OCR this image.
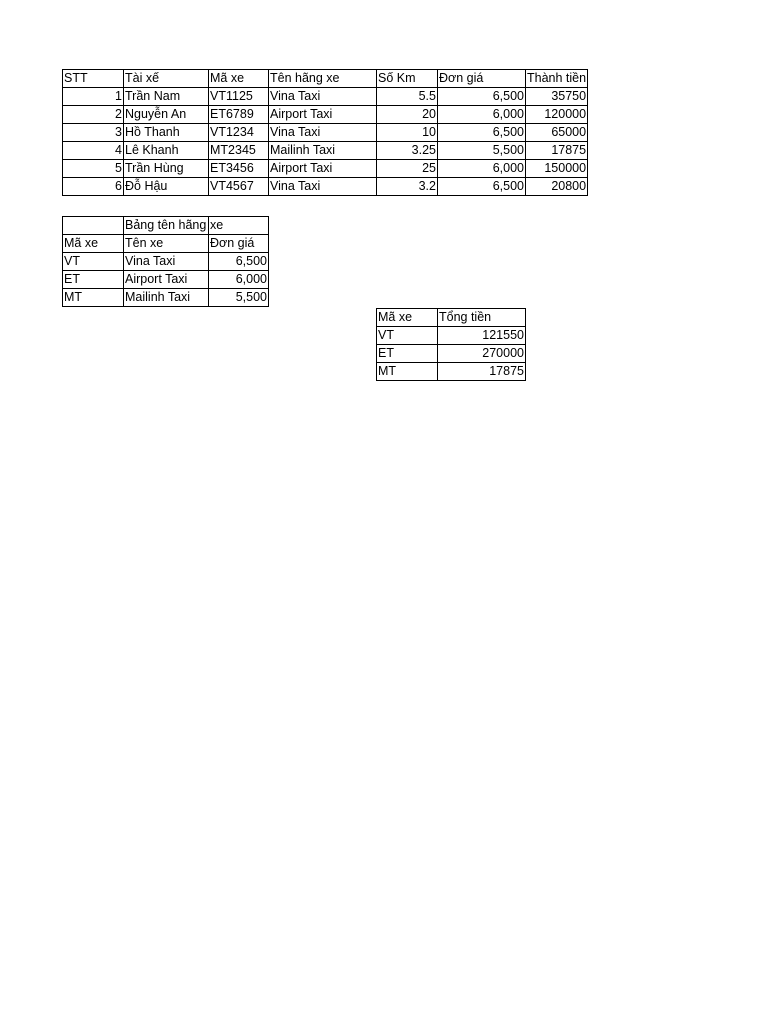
STT	Tài xế	Mã xe	Tên hãng xe	Số Km	Đơn giá	Thành tiền
1	Trần Nam	VT1125	Vina Taxi	5.5	6,500	35750
2	Nguyễn An	ET6789	Airport Taxi	20	6,000	120000
3	Hồ Thanh	VT1234	Vina Taxi	10	6,500	65000
4	Lê Khanh	MT2345	Mailinh Taxi	3.25	5,500	17875
5	Trần Hùng	ET3456	Airport Taxi	25	6,000	150000
6	Đỗ Hậu	VT4567	Vina Taxi	3.2	6,500	20800
	Bảng tên hãng	xe
Mã xe	Tên xe	Đơn giá
VT	Vina Taxi	6,500
ET	Airport Taxi	6,000
MT	Mailinh Taxi	5,500
Mã xe	Tổng tiền
VT	121550
ET	270000
MT	17875
